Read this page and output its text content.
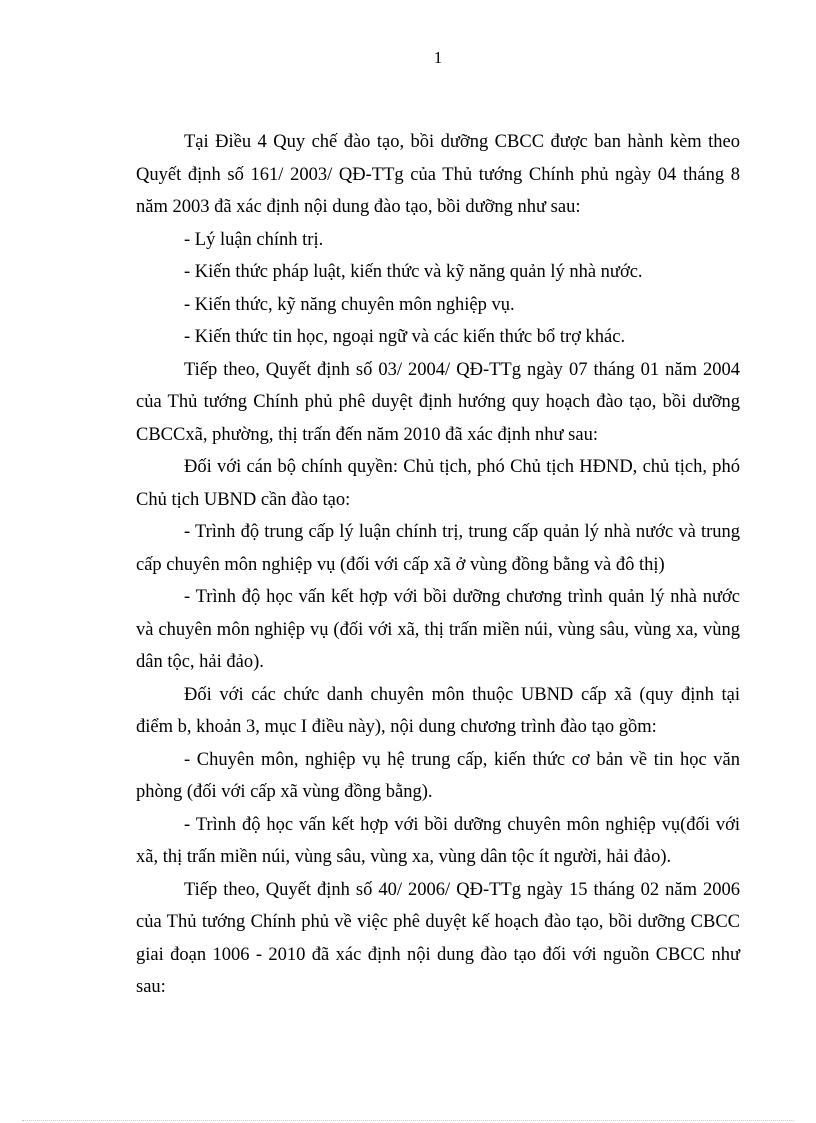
1

Tại Điều 4 Quy chế đào tạo, bồi dưỡng CBCC được ban hành kèm theo Quyết định số 161/ 2003/ QĐ-TTg của Thủ tướng Chính phủ ngày 04 tháng 8 năm 2003 đã xác định nội dung đào tạo, bồi dưỡng như sau:

- Lý luận chính trị.

- Kiến thức pháp luật, kiến thức và kỹ năng quản lý nhà nước.

- Kiến thức, kỹ năng chuyên môn nghiệp vụ.

- Kiến thức tin học, ngoại ngữ và các kiến thức bổ trợ khác.

Tiếp theo, Quyết định số 03/ 2004/ QĐ-TTg ngày 07 tháng 01 năm 2004 của Thủ tướng Chính phủ phê duyệt định hướng quy hoạch đào tạo, bồi dưỡng CBCCxã, phường, thị trấn đến năm 2010 đã xác định như sau:

Đối với cán bộ chính quyền: Chủ tịch, phó Chủ tịch HĐND, chủ tịch, phó Chủ tịch UBND cần đào tạo:

- Trình độ trung cấp lý luận chính trị, trung cấp quản lý nhà nước và trung cấp chuyên môn nghiệp vụ (đối với cấp xã ở vùng đồng bằng và đô thị)

- Trình độ học vấn kết hợp với bồi dưỡng chương trình quản lý nhà nước và chuyên môn nghiệp vụ (đối với xã, thị trấn miền núi, vùng sâu, vùng xa, vùng dân tộc, hải đảo).

Đối với các chức danh chuyên môn thuộc UBND cấp xã (quy định tại điểm b, khoản 3, mục I điều này), nội dung chương trình đào tạo gồm:

- Chuyên môn, nghiệp vụ hệ trung cấp, kiến thức cơ bản về tin học văn phòng (đối với cấp xã vùng đồng bằng).

- Trình độ học vấn kết hợp với bồi dưỡng chuyên môn nghiệp vụ(đối với xã, thị trấn miền núi, vùng sâu, vùng xa, vùng dân tộc ít người, hải đảo).

Tiếp theo, Quyết định số 40/ 2006/ QĐ-TTg ngày 15 tháng 02 năm 2006 của Thủ tướng Chính phủ về việc phê duyệt kế hoạch đào tạo, bồi dưỡng CBCC giai đoạn 1006 - 2010 đã xác định nội dung đào tạo đối với nguồn CBCC như sau:
